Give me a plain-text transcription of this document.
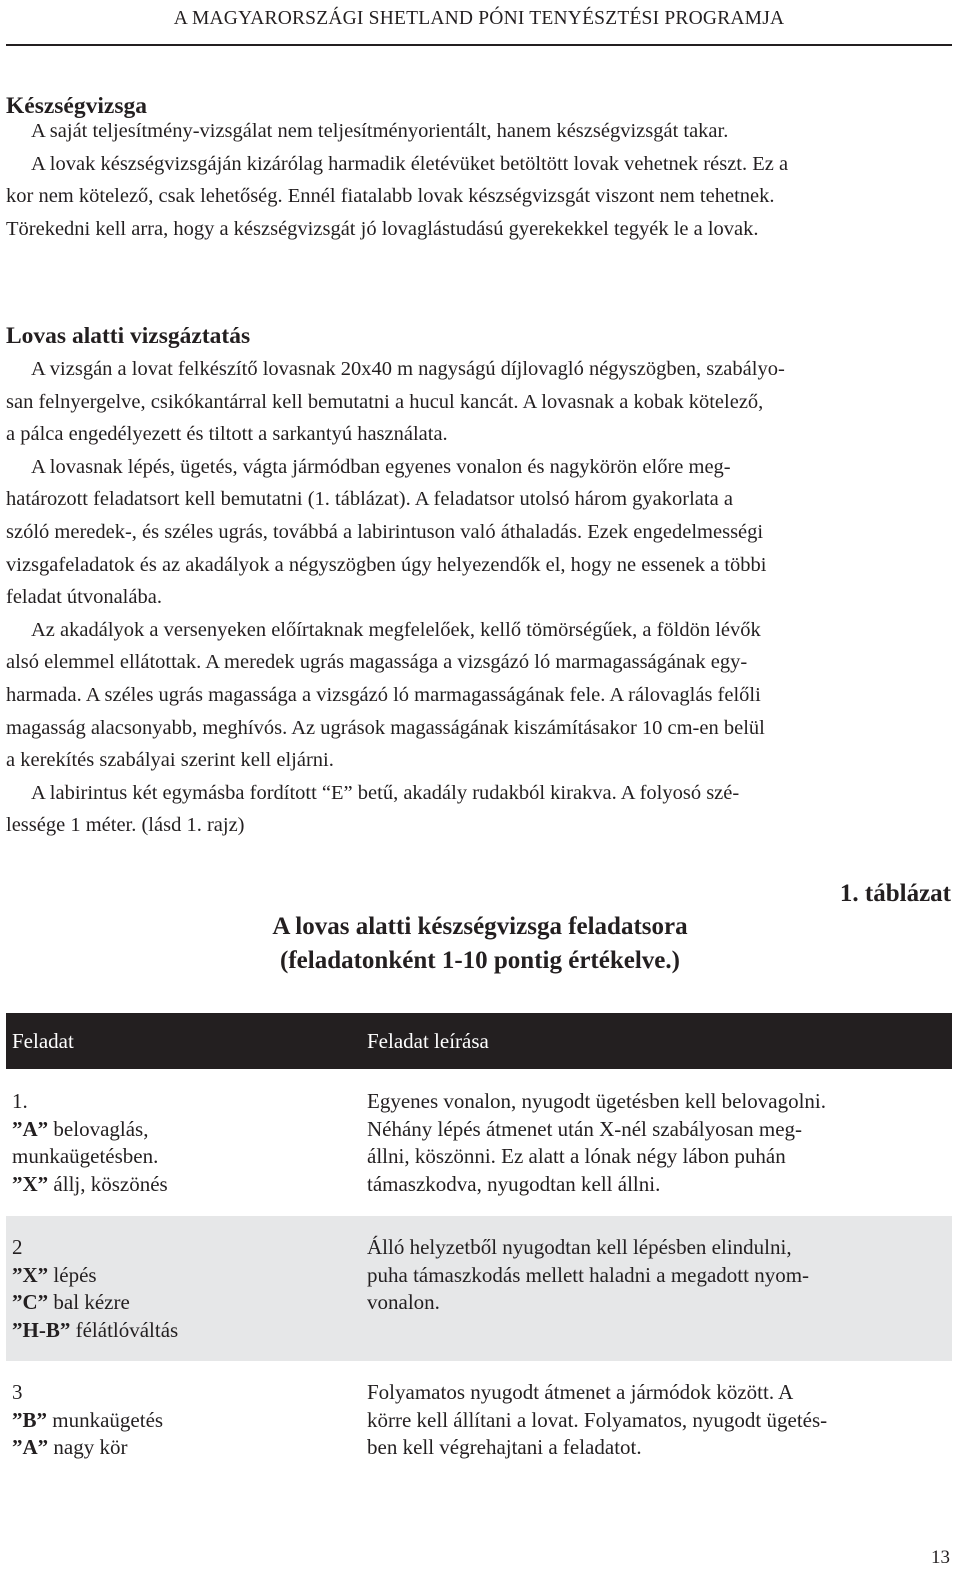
A MAGYARORSZÁGI SHETLAND PÓNI TENYÉSZTÉSI PROGRAMJA
Készségvizsga

A saját teljesítmény-vizsgálat nem teljesítményorientált, hanem készségvizsgát takar.

A lovak készségvizsgáján kizárólag harmadik életévüket betöltött lovak vehetnek részt. Ez a

kor nem kötelező, csak lehetőség. Ennél fiatalabb lovak készségvizsgát viszont nem tehetnek.

Törekedni kell arra, hogy a készségvizsgát jó lovaglástudású gyerekekkel tegyék le a lovak.

Lovas alatti vizsgáztatás

A vizsgán a lovat felkészítő lovasnak 20x40 m nagyságú díjlovagló négyszögben, szabályo-

san felnyergelve, csikókantárral kell bemutatni a hucul kancát. A lovasnak a kobak kötelező,

a pálca engedélyezett és tiltott a sarkantyú használata.

A lovasnak lépés, ügetés, vágta jármódban egyenes vonalon és nagykörön előre meg-

határozott feladatsort kell bemutatni (1. táblázat). A feladatsor utolsó három gyakorlata a

szóló meredek-, és széles ugrás, továbbá a labirintuson való áthaladás. Ezek engedelmességi

vizsgafeladatok és az akadályok a négyszögben úgy helyezendők el, hogy ne essenek a többi

feladat útvonalába.

Az akadályok a versenyeken előírtaknak megfelelőek, kellő tömörségűek, a földön lévők

alsó elemmel ellátottak. A meredek ugrás magassága a vizsgázó ló marmagasságának egy-

harmada. A széles ugrás magassága a vizsgázó ló marmagasságának fele. A rálovaglás felőli

magasság alacsonyabb, meghívós. Az ugrások magasságának kiszámításakor 10 cm-en belül

a kerekítés szabályai szerint kell eljárni.

A labirintus két egymásba fordított “E” betű, akadály rudakból kirakva. A folyosó szé-

lessége 1 méter. (lásd 1. rajz)

1. táblázat
A lovas alatti készségvizsga feladatsora
(feladatonként 1-10 pontig értékelve.)
Feladat	Feladat leírása
1.
”A” belovaglás,
munkaügetésben.
”X” állj, köszönés
Egyenes vonalon, nyugodt ügetésben kell belovagolni.
Néhány lépés átmenet után X-nél szabályosan meg-
állni, köszönni. Ez alatt a lónak négy lábon puhán
támaszkodva, nyugodtan kell állni.
2
”X” lépés
”C” bal kézre
”H-B” félátlóváltás
Álló helyzetből nyugodtan kell lépésben elindulni,
puha támaszkodás mellett haladni a megadott nyom-
vonalon.
3
”B” munkaügetés
”A” nagy kör
Folyamatos nyugodt átmenet a jármódok között. A
körre kell állítani a lovat. Folyamatos, nyugodt ügetés-
ben kell végrehajtani a feladatot.
13
